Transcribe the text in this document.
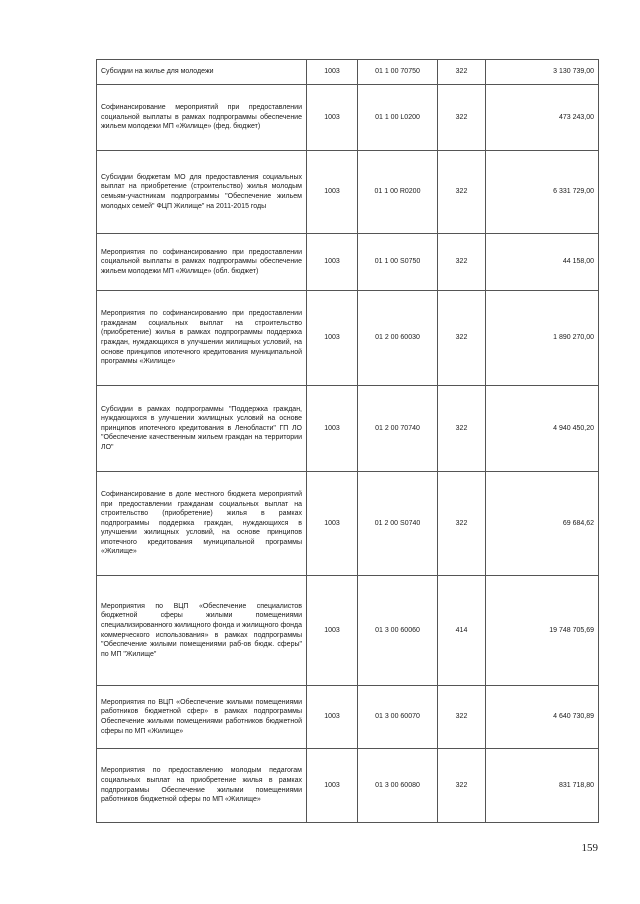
Субсидии на жилье для молодежи	1003	01 1 00 70750	322	3 130 739,00
Софинансирование мероприятий при предоставлении социальной выплаты в рамках подпрограммы обеспечение жильем молодежи МП «Жилище» (фед. бюджет)	1003	01 1 00 L0200	322	473 243,00
Субсидии бюджетам МО для предоставления социальных выплат на приобретение (строительство) жилья молодым семьям-участникам подпрограммы "Обеспечение жильем молодых семей" ФЦП Жилище" на 2011-2015 годы	1003	01 1 00 R0200	322	6 331 729,00
Мероприятия по софинансированию при предоставлении социальной выплаты в рамках подпрограммы обеспечение жильем молодежи МП «Жилище» (обл. бюджет)	1003	01 1 00 S0750	322	44 158,00
Мероприятия по софинансированию при предоставлении гражданам социальных выплат на строительство (приобретение) жилья в рамках подпрограммы поддержка граждан, нуждающихся в улучшении жилищных условий, на основе принципов ипотечного кредитования муниципальной программы «Жилище»	1003	01 2 00 60030	322	1 890 270,00
Субсидии в рамках подпрограммы "Поддержка граждан, нуждающихся в улучшении жилищных условий на основе принципов ипотечного кредитования в Ленобласти" ГП ЛО "Обеспечение качественным жильем граждан на территории ЛО"	1003	01 2 00 70740	322	4 940 450,20
Софинансирование в доле местного бюджета мероприятий при предоставлении гражданам социальных выплат на строительство (приобретение) жилья в рамках подпрограммы поддержка граждан, нуждающихся в улучшении жилищных условий, на основе принципов ипотечного кредитования муниципальной программы «Жилище»	1003	01 2 00 S0740	322	69 684,62
Мероприятия по ВЦП «Обеспечение специалистов бюджетной сферы жилыми помещениями специализированного жилищного фонда и жилищного фонда коммерческого использования» в рамках подпрограммы "Обеспечение жилыми помещениями раб-ов бюдж. сферы" по МП "Жилище"	1003	01 3 00 60060	414	19 748 705,69
Мероприятия по ВЦП «Обеспечение жилыми помещениями работников бюджетной сфер» в рамках подпрограммы Обеспечение жилыми помещениями работников бюджетной сферы по МП «Жилище»	1003	01 3 00 60070	322	4 640 730,89
Мероприятия по предоставлению молодым педагогам социальных выплат на приобретение жилья в рамках подпрограммы Обеспечение жилыми помещениями работников бюджетной сферы по МП «Жилище»	1003	01 3 00 60080	322	831 718,80
159
